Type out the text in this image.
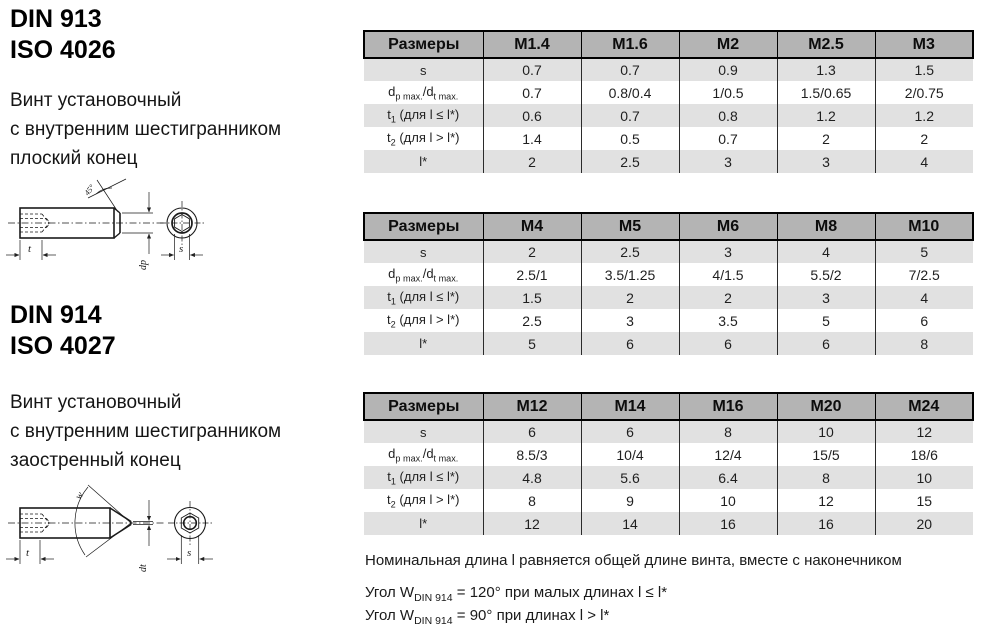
DIN 913
ISO 4026
Винт установочный
с внутренним шестигранником
плоский конец
45°
t
dp
s
DIN 914
ISO 4027
Винт установочный
с внутренним шестигранником
заостренный конец
w
t
dt
s
Размеры	M1.4	M1.6	M2	M2.5	M3
s	0.7	0.7	0.9	1.3	1.5
$d_{p max.}/d_{t max.}$	0.7	0.8/0.4	1/0.5	1.5/0.65	2/0.75
$t_1$ (для l ≤ l*)	0.6	0.7	0.8	1.2	1.2
$t_2$ (для l > l*)	1.4	0.5	0.7	2	2
l*	2	2.5	3	3	4
Размеры	M4	M5	M6	M8	M10
s	2	2.5	3	4	5
$d_{p max.}/d_{t max.}$	2.5/1	3.5/1.25	4/1.5	5.5/2	7/2.5
$t_1$ (для l ≤ l*)	1.5	2	2	3	4
$t_2$ (для l > l*)	2.5	3	3.5	5	6
l*	5	6	6	6	8
Размеры	M12	M14	M16	M20	M24
s	6	6	8	10	12
$d_{p max.}/d_{t max.}$	8.5/3	10/4	12/4	15/5	18/6
$t_1$ (для l ≤ l*)	4.8	5.6	6.4	8	10
$t_2$ (для l > l*)	8	9	10	12	15
l*	12	14	16	16	20
Номинальная длина l равняется общей длине винта, вместе с наконечником
Угол $W_{DIN 914} = 120^\circ$ при малых длинах l ≤ l*
Угол $W_{DIN 914} = 90^\circ$ при длинах l > l*
